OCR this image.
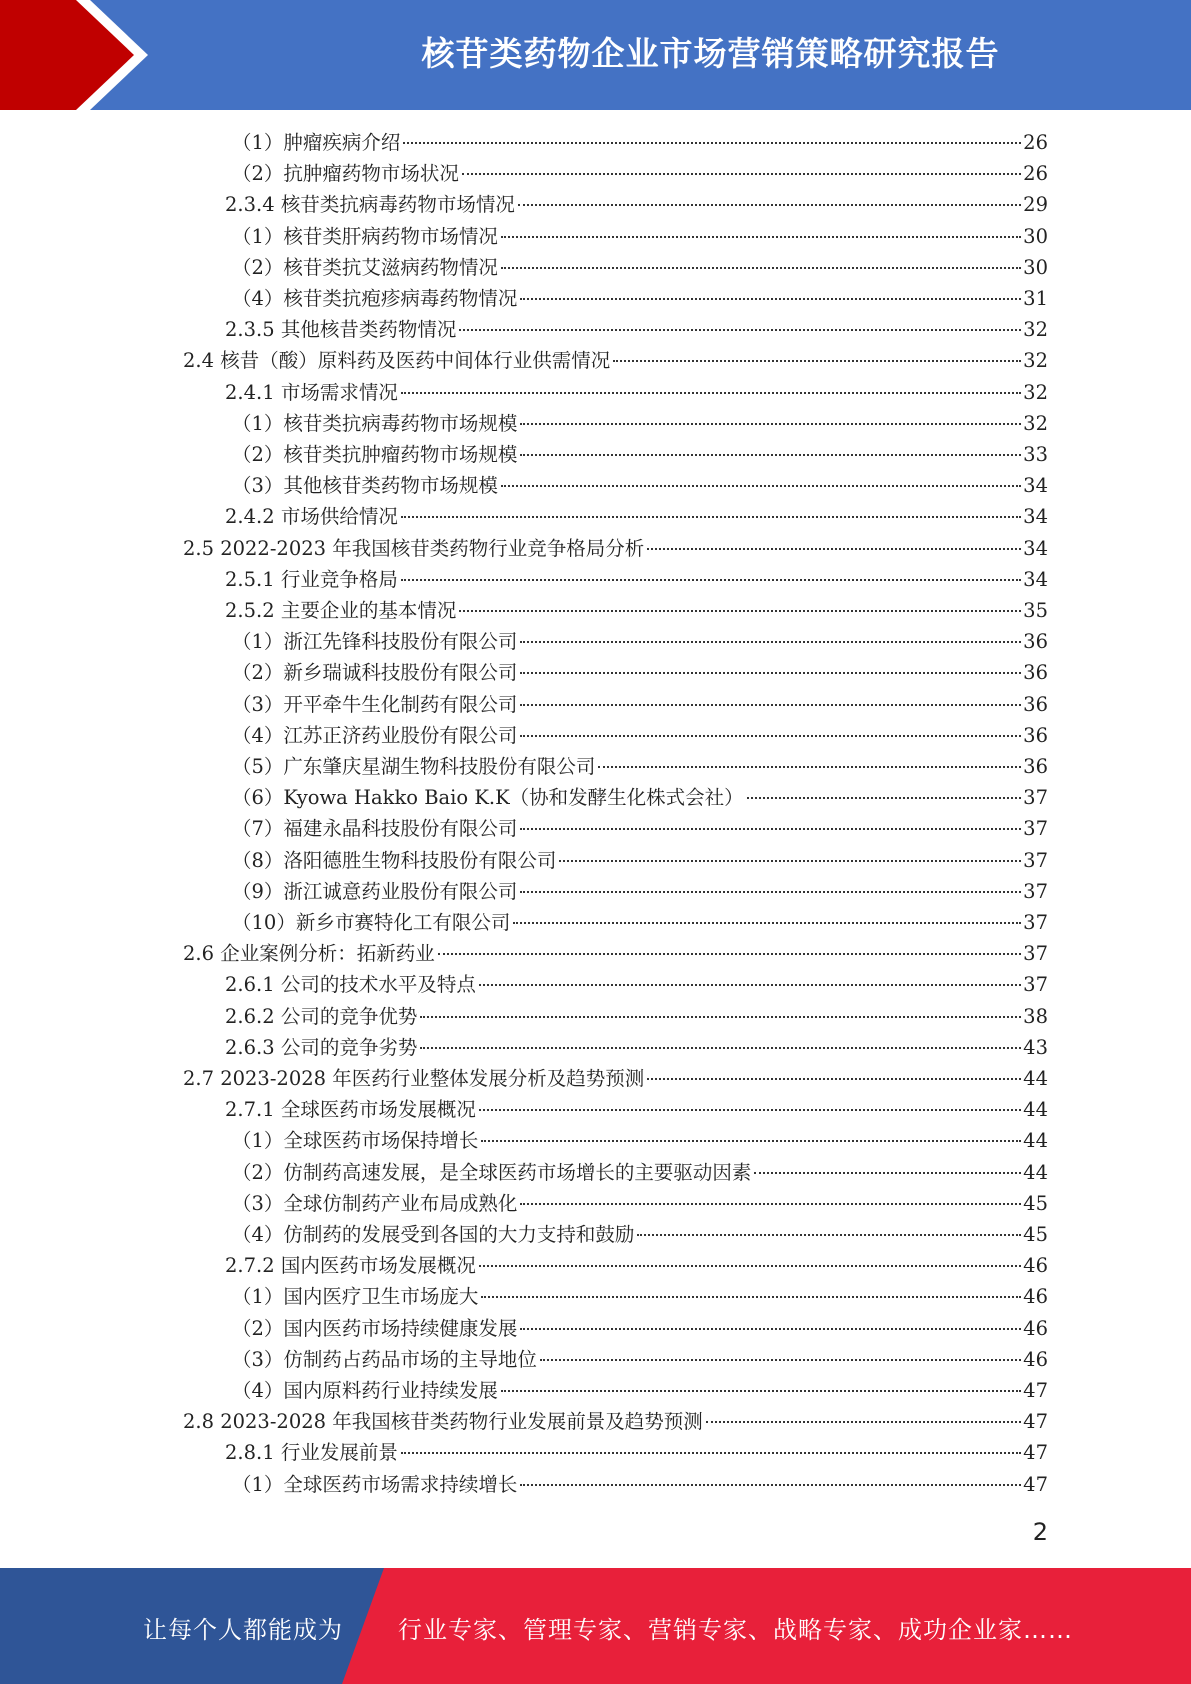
核苷类药物企业市场营销策略研究报告
（1）肿瘤疾病介绍	26
（2）抗肿瘤药物市场状况	26
2.3.4 核苷类抗病毒药物市场情况	29
（1）核苷类肝病药物市场情况	30
（2）核苷类抗艾滋病药物情况	30
（4）核苷类抗疱疹病毒药物情况	31
2.3.5 其他核昔类药物情况	32
2.4 核昔（酸）原料药及医药中间体行业供需情况	32
2.4.1 市场需求情况	32
（1）核苷类抗病毒药物市场规模	32
（2）核苷类抗肿瘤药物市场规模	33
（3）其他核苷类药物市场规模	34
2.4.2 市场供给情况	34
2.5 2022-2023 年我国核苷类药物行业竞争格局分析	34
2.5.1 行业竞争格局	34
2.5.2 主要企业的基本情况	35
（1）浙江先锋科技股份有限公司	36
（2）新乡瑞诚科技股份有限公司	36
（3）开平牵牛生化制药有限公司	36
（4）江苏正济药业股份有限公司	36
（5）广东肇庆星湖生物科技股份有限公司	36
（6）Kyowa Hakko Baio K.K（协和发酵生化株式会社）	37
（7）福建永晶科技股份有限公司	37
（8）洛阳德胜生物科技股份有限公司	37
（9）浙江诚意药业股份有限公司	37
（10）新乡市赛特化工有限公司	37
2.6 企业案例分析：拓新药业	37
2.6.1 公司的技术水平及特点	37
2.6.2 公司的竞争优势	38
2.6.3 公司的竞争劣势	43
2.7 2023-2028 年医药行业整体发展分析及趋势预测	44
2.7.1 全球医药市场发展概况	44
（1）全球医药市场保持增长	44
（2）仿制药高速发展，是全球医药市场增长的主要驱动因素	44
（3）全球仿制药产业布局成熟化	45
（4）仿制药的发展受到各国的大力支持和鼓励	45
2.7.2 国内医药市场发展概况	46
（1）国内医疗卫生市场庞大	46
（2）国内医药市场持续健康发展	46
（3）仿制药占药品市场的主导地位	46
（4）国内原料药行业持续发展	47
2.8 2023-2028 年我国核苷类药物行业发展前景及趋势预测	47
2.8.1 行业发展前景	47
（1）全球医药市场需求持续增长	47
2
让每个人都能成为 行业专家、管理专家、营销专家、战略专家、成功企业家……
